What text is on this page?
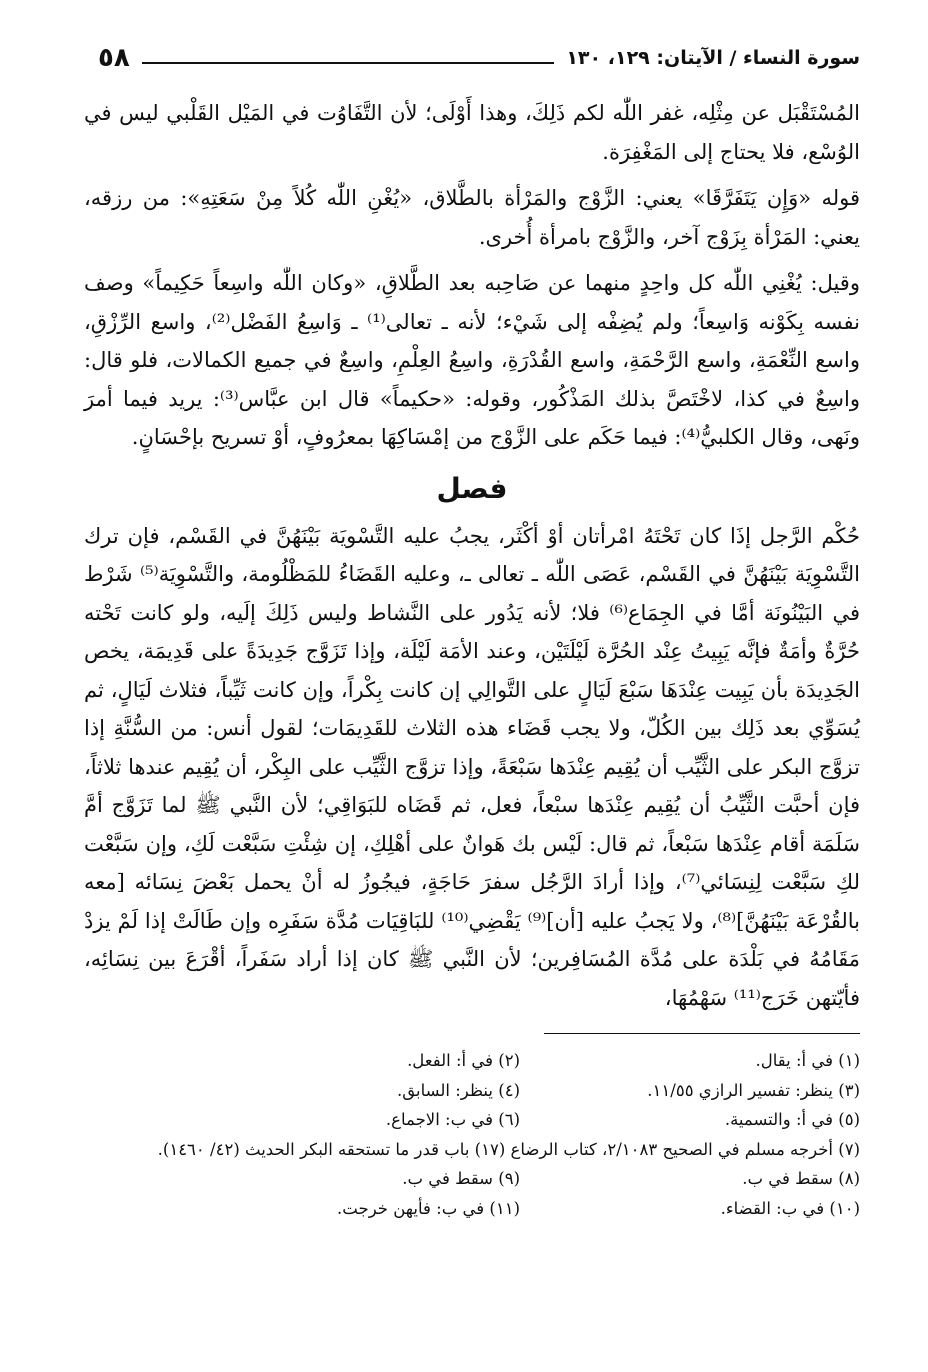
سورة النساء / الآيتان: ١٢٩، ١٣٠
٥٨

المُسْتَقْبَل عن مِثْلِه، غفر اللّٰه لكم ذَلِكَ، وهذا أَوْلَى؛ لأن التَّفَاوُت في المَيْل القَلْبي ليس في الوُسْع، فلا يحتاج إلى المَغْفِرَة.

قوله «وَإِن يَتَفَرَّقَا» يعني: الزَّوْج والمَرْأة بالطَّلاق، «يُغْنِ اللّٰه كُلاً مِنْ سَعَتِهِ»: من رزقه، يعني: المَرْأة بِزَوْج آخر، والزَّوْج بامرأة أُخرى.

وقيل: يُغْنِي اللّٰه كل واحِدٍ منهما عن صَاحِبه بعد الطَّلاقِ، «وكان اللّٰه واسِعاً حَكِيماً» وصف نفسه بِكَوْنه وَاسِعاً؛ ولم يُضِفْه إلى شَيْء؛ لأنه ـ تعالى⁽¹⁾ ـ وَاسِعُ الفَضْل⁽²⁾، واسع الرِّزْقِ، واسع النِّعْمَةِ، واسع الرَّحْمَةِ، واسع القُدْرَةِ، واسِعُ العِلْمِ، واسِعٌ في جميع الكمالات، فلو قال: واسِعٌ في كذا، لاخْتَصَّ بذلك المَذْكُور، وقوله: «حكيماً» قال ابن عبَّاس⁽³⁾: يريد فيما أمرَ ونَهى، وقال الكلبيُّ⁽⁴⁾: فيما حَكَم على الزَّوْج من إمْسَاكِهَا بمعرُوفٍ، أوْ تسريح بإحْسَانٍ.

فصل

حُكْم الرَّجل إذَا كان تَحْتَهُ امْرأتان أوْ أكْثَر، يجبُ عليه التَّسْويَة بَيْنَهُنَّ في القَسْم، فإن ترك التَّسْوِيَة بَيْنَهُنَّ في القَسْم، عَصَى اللّٰه ـ تعالى ـ، وعليه القَضَاءُ للمَظْلُومة، والتَّسْوِيَة⁽⁵⁾ شَرْط في البَيْنُونَة أمَّا في الجِمَاع⁽⁶⁾ فلا؛ لأنه يَدُور على النَّشاط وليس ذَلِكَ إلَيه، ولو كانت تَحْته حُرَّةٌ وأمَةٌ فإنَّه يَبِيتُ عِنْد الحُرَّة لَيْلَتَيْن، وعند الأمَة لَيْلَة، وإذا تَزَوَّج جَدِيدَةً على قَدِيمَة، يخص الجَدِيدَة بأن يَبِيت عِنْدَهَا سَبْعَ لَيَالٍ على التَّوالِي إن كانت بِكْراً، وإن كانت ثَيِّباً، فثلاث لَيَالٍ، ثم يُسَوِّي بعد ذَلِك بين الكُلّ، ولا يجب قَضَاء هذه الثلاث للقَدِيمَات؛ لقول أنس: من السُّنَّةِ إذا تزوَّج البكر على الثَّيِّب أن يُقِيم عِنْدَها سَبْعَةً، وإذا تزوَّج الثَّيِّب على البِكْر، أن يُقِيم عندها ثلاثاً، فإن أحبَّت الثَّيِّبُ أن يُقِيم عِنْدَها سبْعاً، فعل، ثم قَضَاه للبَوَاقِي؛ لأن النَّبي ﷺ لما تَزَوَّج أمَّ سَلَمَة أقام عِنْدَها سَبْعاً، ثم قال: لَيْس بك هَوانٌ على أهْلِكِ، إن شِئْتِ سَبَّعْت لَكِ، وإن سَبَّعْت لكِ سَبَّعْت لِنِسَائي⁽⁷⁾، وإذا أرادَ الرَّجُل سفرَ حَاجَةٍ، فيجُوزُ له أنْ يحمل بَعْضَ نِسَائه [معه بالقُرْعَة بَيْنَهُنَّ]⁽⁸⁾، ولا يَجبُ عليه [أن]⁽⁹⁾ يَقْضِي⁽¹⁰⁾ للبَاقِيَات مُدَّة سَفَرِه وإن طَالَتْ إذا لَمْ يزدْ مَقَامُهُ في بَلْدَة على مُدَّة المُسَافِرين؛ لأن النَّبي ﷺ كان إذا أراد سَفَراً، أقْرَعَ بين نِسَائِه، فأيّتهن خَرَج⁽¹¹⁾ سَهْمُهَا،

(١) في أ: يقال.
(٢) في أ: الفعل.
(٣) ينظر: تفسير الرازي ١١/٥٥.
(٤) ينظر: السابق.
(٥) في أ: والتسمية.
(٦) في ب: الاجماع.
(٧) أخرجه مسلم في الصحيح ٢/١٠٨٣، كتاب الرضاع (١٧) باب قدر ما تستحقه البكر الحديث (٤٢/ ١٤٦٠).
(٨) سقط في ب.
(٩) سقط في ب.
(١٠) في ب: القضاء.
(١١) في ب: فأيهن خرجت.
